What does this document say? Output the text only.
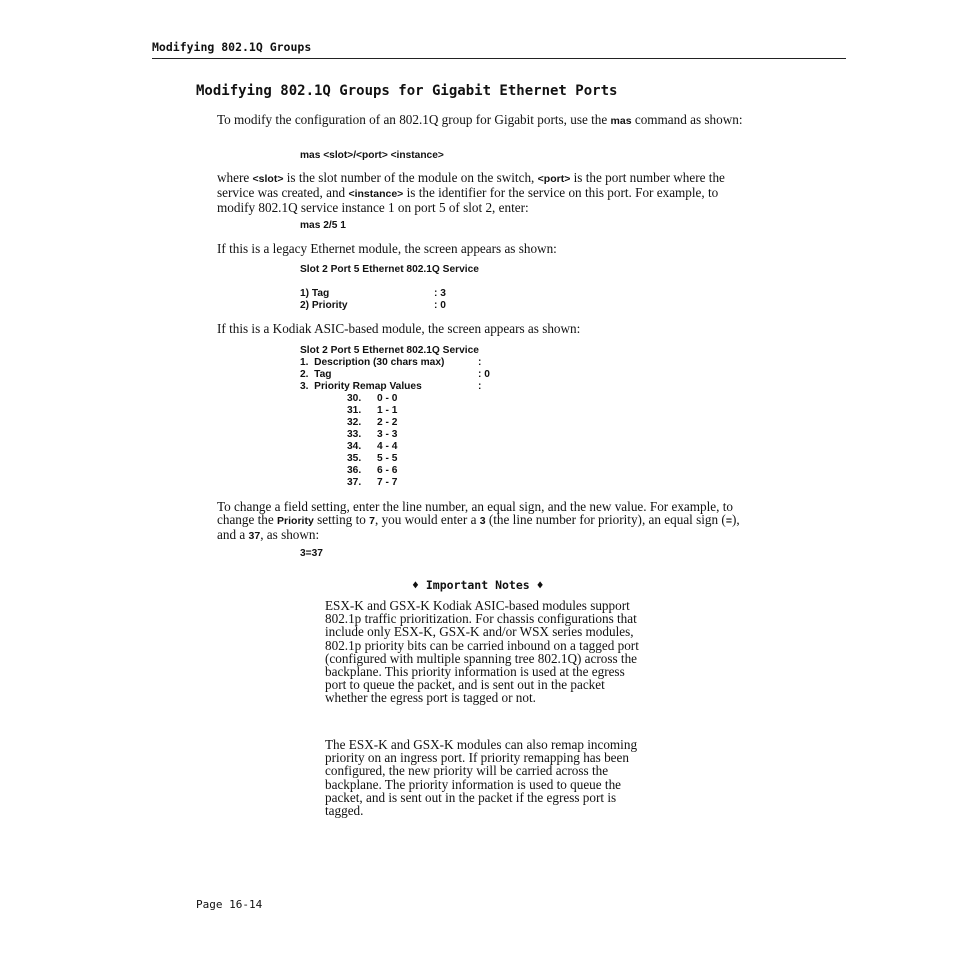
Modifying 802.1Q Groups
Modifying 802.1Q Groups for Gigabit Ethernet Ports
To modify the configuration of an 802.1Q group for Gigabit ports, use the mas command as shown:
mas <slot>/<port> <instance>
where <slot> is the slot number of the module on the switch, <port> is the port number where the service was created, and <instance> is the identifier for the service on this port. For example, to modify 802.1Q service instance 1 on port 5 of slot 2, enter:
mas 2/5 1
If this is a legacy Ethernet module, the screen appears as shown:
Slot 2 Port 5 Ethernet 802.1Q Service
1) Tag	: 3
2) Priority	: 0
If this is a Kodiak ASIC-based module, the screen appears as shown:
Slot 2 Port 5 Ethernet 802.1Q Service
1.  Description (30 chars max)	:
2.  Tag	: 0
3.  Priority Remap Values	:
30.	0 - 0
31.	1 - 1
32.	2 - 2
33.	3 - 3
34.	4 - 4
35.	5 - 5
36.	6 - 6
37.	7 - 7
To change a field setting, enter the line number, an equal sign, and the new value. For example, to change the Priority setting to 7, you would enter a 3 (the line number for priority), an equal sign (=), and a 37, as shown:
3=37
♦ Important Notes ♦
ESX-K and GSX-K Kodiak ASIC-based modules support 802.1p traffic prioritization. For chassis configurations that include only ESX-K, GSX-K and/or WSX series modules, 802.1p priority bits can be carried inbound on a tagged port (configured with multiple spanning tree 802.1Q) across the backplane. This priority information is used at the egress port to queue the packet, and is sent out in the packet whether the egress port is tagged or not.
The ESX-K and GSX-K modules can also remap incoming priority on an ingress port. If priority remapping has been configured, the new priority will be carried across the backplane. The priority information is used to queue the packet, and is sent out in the packet if the egress port is tagged.
Page 16-14
